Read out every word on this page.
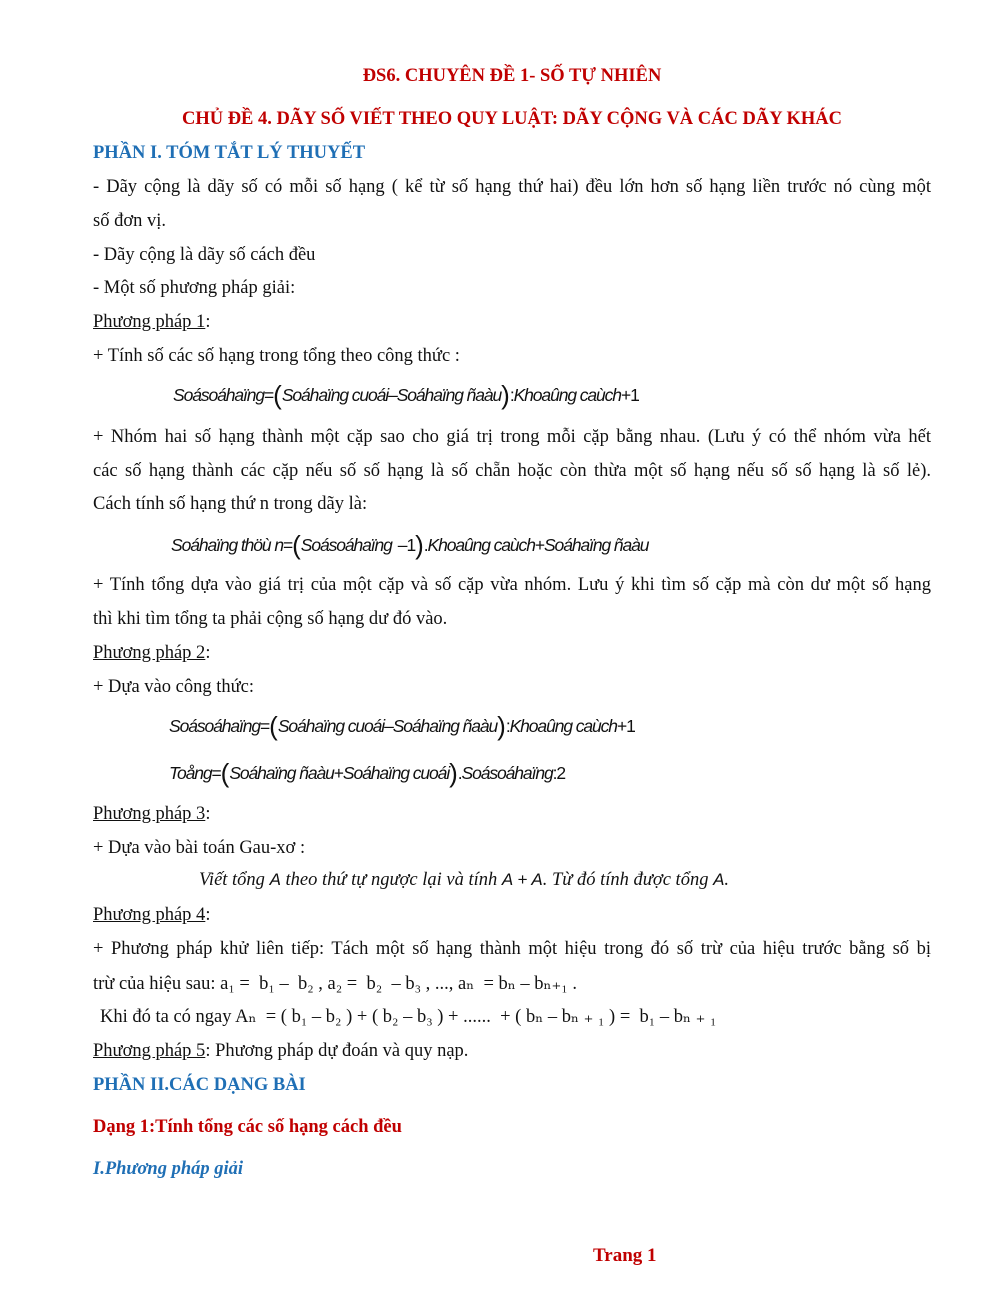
ĐS6. CHUYÊN ĐỀ 1- SỐ TỰ NHIÊN
CHỦ ĐỀ 4. DÃY SỐ VIẾT THEO QUY LUẬT: DÃY CỘNG VÀ CÁC DÃY KHÁC
PHẦN I. TÓM TẮT LÝ THUYẾT
- Dãy cộng là dãy số có mỗi số hạng ( kể từ số hạng thứ hai) đều lớn hơn số hạng liền trước nó cùng một
số đơn vị.
- Dãy cộng là dãy số cách đều
- Một số phương pháp giải:
Phương pháp 1:
+ Tính số các số hạng trong tổng theo công thức :
Soásoáhaïng=(Soáhaïng cuoái–Soáhaïng ñaàu):Khoaûng caùch+1
+ Nhóm hai số hạng thành một cặp sao cho giá trị trong mỗi cặp bằng nhau. (Lưu ý có thể nhóm vừa hết
các số hạng thành các cặp nếu số số hạng là số chẵn hoặc còn thừa một số hạng nếu số số hạng là số lẻ).
Cách tính số hạng thứ n trong dãy là:
Soáhaïng thöù n=(Soásoáhaïng –1).Khoaûng caùch+Soáhaïng ñaàu
+ Tính tổng dựa vào giá trị của một cặp và số cặp vừa nhóm. Lưu ý khi tìm số cặp mà còn dư một số hạng
thì khi tìm tổng ta phải cộng số hạng dư đó vào.
Phương pháp 2:
+ Dựa vào công thức:
Soásoáhaïng=(Soáhaïng cuoái–Soáhaïng ñaàu):Khoaûng caùch+1
Toång=(Soáhaïng ñaàu+Soáhaïng cuoái).Soásoáhaïng:2
Phương pháp 3:
+ Dựa vào bài toán Gau-xơ :
Viết tổng A theo thứ tự ngược lại và tính A + A. Từ đó tính được tổng A.
Phương pháp 4:
+ Phương pháp khử liên tiếp: Tách một số hạng thành một hiệu trong đó số trừ của hiệu trước bằng số bị
trừ của hiệu sau: a₁ =  b₁ –  b₂ , a₂ =  b₂  – b₃ , ..., aₙ  = bₙ – bₙ₊₁ .
Khi đó ta có ngay Aₙ  = ( b₁ – b₂ ) + ( b₂ – b₃ ) + ......  + ( bₙ – bₙ ₊ ₁ ) =  b₁ – bₙ ₊ ₁
Phương pháp 5: Phương pháp dự đoán và quy nạp.
PHẦN II.CÁC DẠNG BÀI
Dạng 1:Tính tổng các số hạng cách đều
I.Phương pháp giải
Trang 1
